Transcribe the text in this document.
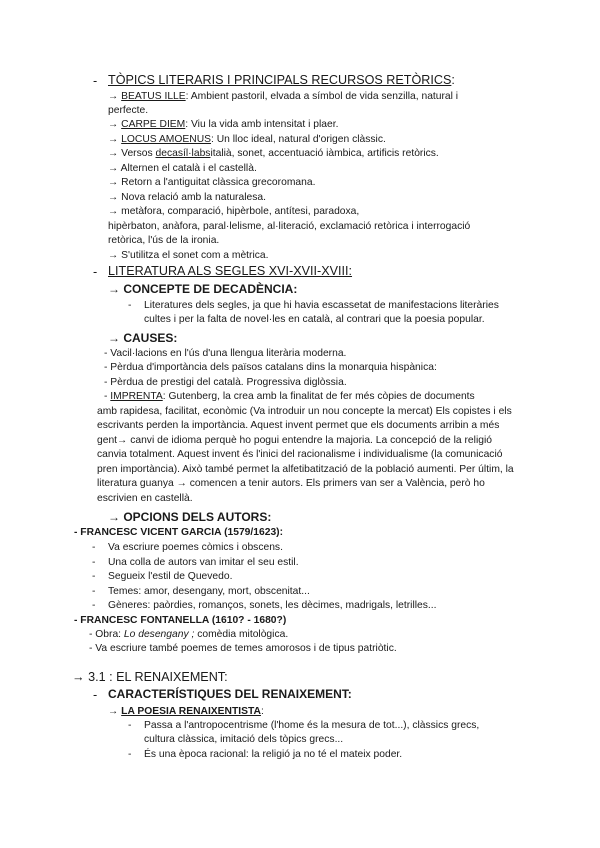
- TÒPICS LITERARIS I PRINCIPALS RECURSOS RETÒRICS:
→ BEATUS ILLE: Ambient pastoril, elvada a símbol de vida senzilla, natural i
perfecte.
→ CARPE DIEM: Viu la vida amb intensitat i plaer.
→ LOCUS AMOENUS: Un lloc ideal, natural d'origen clàssic.
→ Versos decasíl·labsitalià, sonet, accentuació iàmbica, artificis retòrics.
→ Alternen el català i el castellà.
→ Retorn a l'antiguitat clàssica grecoromana.
→ Nova relació amb la naturalesa.
→ metàfora, comparació, hipèrbole, antítesi, paradoxa,
hipèrbaton, anàfora, paral·lelisme, al·literació, exclamació retòrica i interrogació
retòrica, l'ús de la ironia.
→ S'utilitza el sonet com a mètrica.
- LITERATURA ALS SEGLES XVI-XVII-XVIII:
→ CONCEPTE DE DECADÈNCIA:
- Literatures dels segles, ja que hi havia escassetat de manifestacions literàries
cultes i per la falta de novel·les en català, al contrari que la poesia popular.
→ CAUSES:
- Vacil·lacions en l'ús d'una llengua literària moderna.
- Pèrdua d'importància dels països catalans dins la monarquia hispànica:
- Pèrdua de prestigi del català. Progressiva diglòssia.
- IMPRENTA: Gutenberg, la crea amb la finalitat de fer més còpies de documents
amb rapidesa, facilitat, econòmic (Va introduir un nou concepte la mercat) Els copistes i els
escrivants perden la importància. Aquest invent permet que els documents arribin a més
gent→ canvi de idioma perquè ho pogui entendre la majoria. La concepció de la religió
canvia totalment. Aquest invent és l'inici del racionalisme i individualisme (la comunicació
pren importància). Això també permet la alfetibatització de la població aumenti. Per últim, la
literatura guanya → comencen a tenir autors. Els primers van ser a València, però ho
escrivien en castellà.
→ OPCIONS DELS AUTORS:
- FRANCESC VICENT GARCIA (1579/1623):
- Va escriure poemes còmics i obscens.
- Una colla de autors van imitar el seu estil.
- Segueix l'estil de Quevedo.
- Temes: amor, desengany, mort, obscenitat...
- Gèneres: paòrdies, romanços, sonets, les dècimes, madrigals, letrilles...
- FRANCESC FONTANELLA (1610? - 1680?)
- Obra: Lo desengany ; comèdia mitològica.
- Va escriure també poemes de temes amorosos i de tipus patriòtic.
→ 3.1 : EL RENAIXEMENT:
- CARACTERÍSTIQUES DEL RENAIXEMENT:
→ LA POESIA RENAIXENTISTA:
- Passa a l'antropocentrisme (l'home és la mesura de tot...), clàssics grecs,
cultura clàssica, imitació dels tòpics grecs...
- És una època racional: la religió ja no té el mateix poder.
